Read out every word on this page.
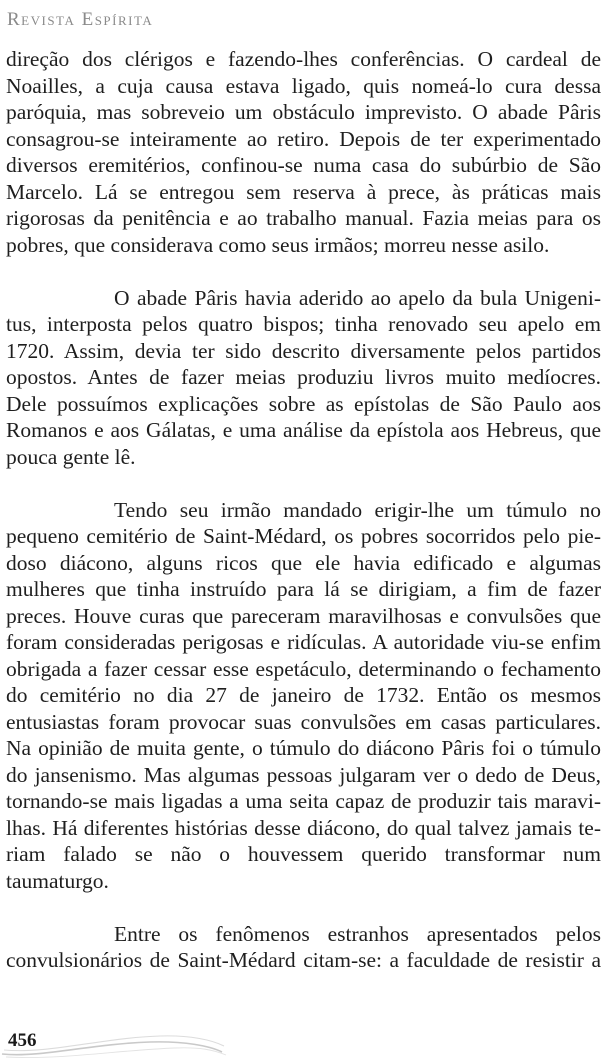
Revista Espírita

direção dos clérigos e fazendo-lhes conferências. O cardeal de
Noailles, a cuja causa estava ligado, quis nomeá-lo cura dessa
paróquia, mas sobreveio um obstáculo imprevisto. O abade Pâris
consagrou-se inteiramente ao retiro. Depois de ter experimentado
diversos eremitérios, confinou-se numa casa do subúrbio de São
Marcelo. Lá se entregou sem reserva à prece, às práticas mais
rigorosas da penitência e ao trabalho manual. Fazia meias para os
pobres, que considerava como seus irmãos; morreu nesse asilo.

O abade Pâris havia aderido ao apelo da bula Unigeni-
tus, interposta pelos quatro bispos; tinha renovado seu apelo em
1720. Assim, devia ter sido descrito diversamente pelos partidos
opostos. Antes de fazer meias produziu livros muito medíocres.
Dele possuímos explicações sobre as epístolas de São Paulo aos
Romanos e aos Gálatas, e uma análise da epístola aos Hebreus, que
pouca gente lê.

Tendo seu irmão mandado erigir-lhe um túmulo no
pequeno cemitério de Saint-Médard, os pobres socorridos pelo pie-
doso diácono, alguns ricos que ele havia edificado e algumas
mulheres que tinha instruído para lá se dirigiam, a fim de fazer
preces. Houve curas que pareceram maravilhosas e convulsões que
foram consideradas perigosas e ridículas. A autoridade viu-se enfim
obrigada a fazer cessar esse espetáculo, determinando o fechamento
do cemitério no dia 27 de janeiro de 1732. Então os mesmos
entusiastas foram provocar suas convulsões em casas particulares.
Na opinião de muita gente, o túmulo do diácono Pâris foi o túmulo
do jansenismo. Mas algumas pessoas julgaram ver o dedo de Deus,
tornando-se mais ligadas a uma seita capaz de produzir tais maravi-
lhas. Há diferentes histórias desse diácono, do qual talvez jamais te-
riam falado se não o houvessem querido transformar num
taumaturgo.

Entre os fenômenos estranhos apresentados pelos
convulsionários de Saint-Médard citam-se: a faculdade de resistir a

456
